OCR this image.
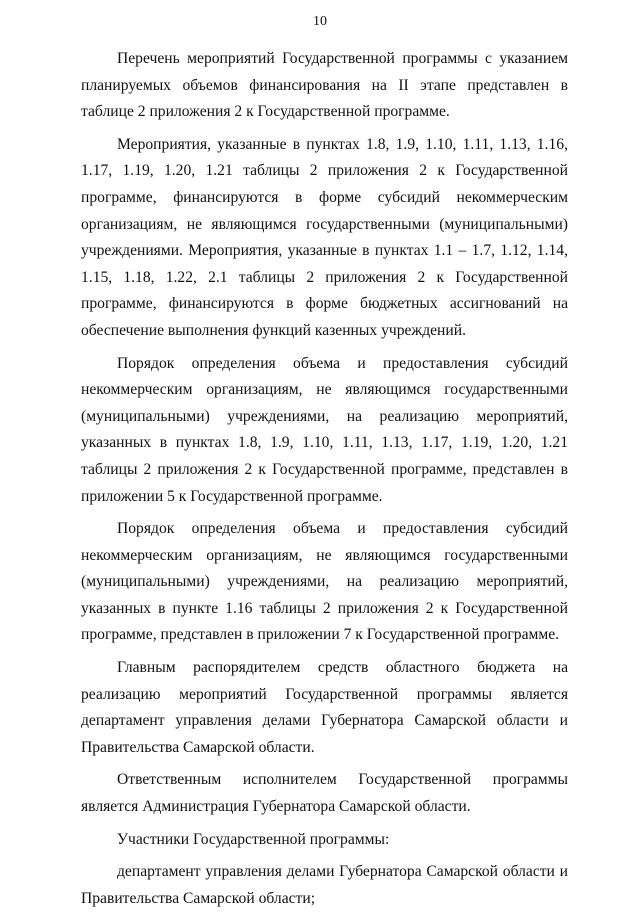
10

Перечень мероприятий Государственной программы с указанием планируемых объемов финансирования на II этапе представлен в таблице 2 приложения 2 к Государственной программе.

Мероприятия, указанные в пунктах 1.8, 1.9, 1.10, 1.11, 1.13, 1.16, 1.17, 1.19, 1.20, 1.21 таблицы 2 приложения 2 к Государственной программе, финансируются в форме субсидий некоммерческим организациям, не являющимся государственными (муниципальными) учреждениями. Мероприятия, указанные в пунктах 1.1 – 1.7, 1.12, 1.14, 1.15, 1.18, 1.22, 2.1 таблицы 2 приложения 2 к Государственной программе, финансируются в форме бюджетных ассигнований на обеспечение выполнения функций казенных учреждений.

Порядок определения объема и предоставления субсидий некоммерческим организациям, не являющимся государственными (муниципальными) учреждениями, на реализацию мероприятий, указанных в пунктах 1.8, 1.9, 1.10, 1.11, 1.13, 1.17, 1.19, 1.20, 1.21 таблицы 2 приложения 2 к Государственной программе, представлен в приложении 5 к Государственной программе.

Порядок определения объема и предоставления субсидий некоммерческим организациям, не являющимся государственными (муниципальными) учреждениями, на реализацию мероприятий, указанных в пункте 1.16 таблицы 2 приложения 2 к Государственной программе, представлен в приложении 7 к Государственной программе.

Главным распорядителем средств областного бюджета на реализацию мероприятий Государственной программы является департамент управления делами Губернатора Самарской области и Правительства Самарской области.

Ответственным исполнителем Государственной программы является Администрация Губернатора Самарской области.

Участники Государственной программы:

департамент управления делами Губернатора Самарской области и Правительства Самарской области;
